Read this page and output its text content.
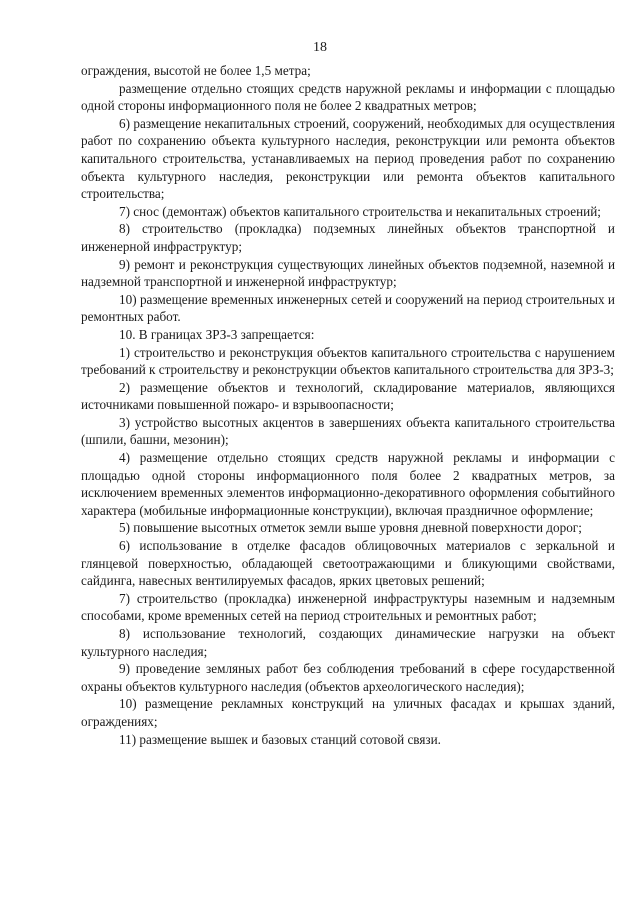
18

ограждения, высотой не более 1,5 метра;

размещение отдельно стоящих средств наружной рекламы и информации с площадью одной стороны информационного поля не более 2 квадратных метров;

6) размещение некапитальных строений, сооружений, необходимых для осуществления работ по сохранению объекта культурного наследия, реконструкции или ремонта объектов капитального строительства, устанавливаемых на период проведения работ по сохранению объекта культурного наследия, реконструкции или ремонта объектов капитального строительства;

7) снос (демонтаж) объектов капитального строительства и некапитальных строений;

8) строительство (прокладка) подземных линейных объектов транспортной и инженерной инфраструктур;

9) ремонт и реконструкция существующих линейных объектов подземной, наземной и надземной транспортной и инженерной инфраструктур;

10) размещение временных инженерных сетей и сооружений на период строительных и ремонтных работ.

10. В границах ЗРЗ-3 запрещается:

1) строительство и реконструкция объектов капитального строительства с нарушением требований к строительству и реконструкции объектов капитального строительства для ЗРЗ-3;

2) размещение объектов и технологий, складирование материалов, являющихся источниками повышенной пожаро- и взрывоопасности;

3) устройство высотных акцентов в завершениях объекта капитального строительства (шпили, башни, мезонин);

4) размещение отдельно стоящих средств наружной рекламы и информации с площадью одной стороны информационного поля более 2 квадратных метров, за исключением временных элементов информационно-декоративного оформления событийного характера (мобильные информационные конструкции), включая праздничное оформление;

5) повышение высотных отметок земли выше уровня дневной поверхности дорог;

6) использование в отделке фасадов облицовочных материалов с зеркальной и глянцевой поверхностью, обладающей светоотражающими и бликующими свойствами, сайдинга, навесных вентилируемых фасадов, ярких цветовых решений;

7) строительство (прокладка) инженерной инфраструктуры наземным и надземным способами, кроме временных сетей на период строительных и ремонтных работ;

8) использование технологий, создающих динамические нагрузки на объект культурного наследия;

9) проведение земляных работ без соблюдения требований в сфере государственной охраны объектов культурного наследия (объектов археологического наследия);

10) размещение рекламных конструкций на уличных фасадах и крышах зданий, ограждениях;

11) размещение вышек и базовых станций сотовой связи.
